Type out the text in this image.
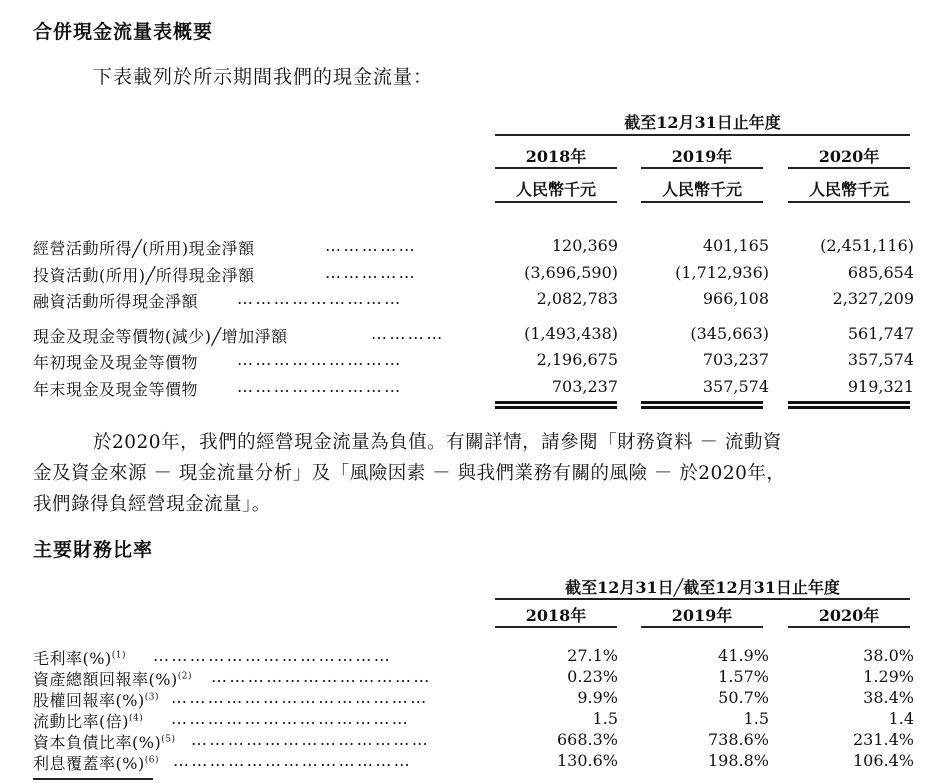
合併現金流量表概要
下表載列於所示期間我們的現金流量：
截至12月31日止年度
2018年	2019年	2020年
人民幣千元	人民幣千元	人民幣千元
經營活動所得╱(所用)現金淨額	……………	120,369	401,165	(2,451,116)
投資活動(所用)╱所得現金淨額	……………	(3,696,590)	(1,712,936)	685,654
融資活動所得現金淨額 ………………………	2,082,783	966,108	2,327,209
現金及現金等價物(減少)╱增加淨額	…………	(1,493,438)	(345,663)	561,747
年初現金及現金等價物 ………………………	2,196,675	703,237	357,574
年末現金及現金等價物 ………………………	703,237	357,574	919,321
於2020年，我們的經營現金流量為負值。有關詳情，請參閱「財務資料 － 流動資
金及資金來源 － 現金流量分析」及「風險因素 － 與我們業務有關的風險 － 於2020年，
我們錄得負經營現金流量」。
主要財務比率
截至12月31日╱截至12月31日止年度
2018年	2019年	2020年
毛利率(%)$^{(1)}$ …………………………………	27.1%	41.9%	38.0%
資產總額回報率(%)$^{(2)}$ ………………………………	0.23%	1.57%	1.29%
股權回報率(%)$^{(3)}$ ……………………………………	9.9%	50.7%	38.4%
流動比率(倍)$^{(4)}$ …………………………………	1.5	1.5	1.4
資本負債比率(%)$^{(5)}$ …………………………………	668.3%	738.6%	231.4%
利息覆蓋率(%)$^{(6)}$ …………………………………	130.6%	198.8%	106.4%
